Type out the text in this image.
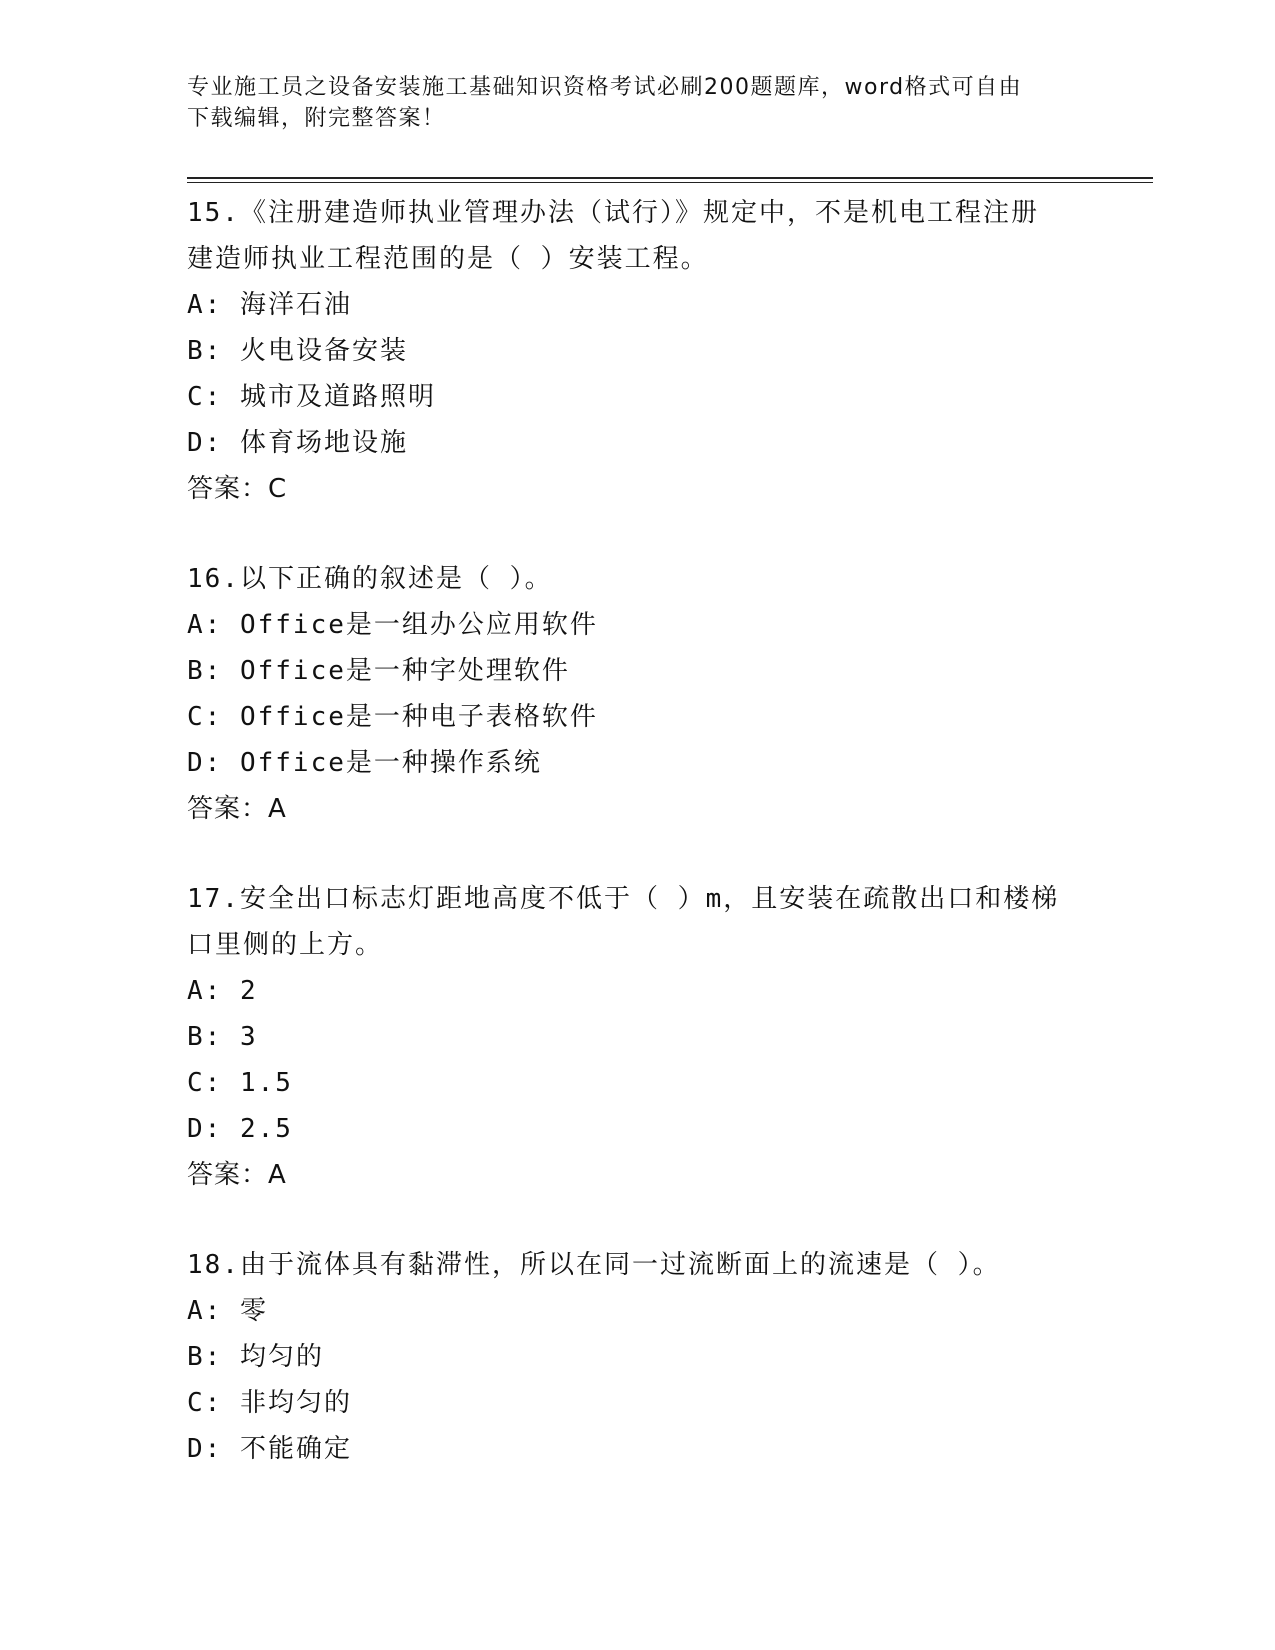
专业施工员之设备安装施工基础知识资格考试必刷200题题库，word格式可自由
下载编辑，附完整答案！
15.《注册建造师执业管理办法（试行）》规定中，不是机电工程注册
建造师执业工程范围的是（ ）安装工程。
A: 海洋石油
B: 火电设备安装
C: 城市及道路照明
D: 体育场地设施
答案：C
16.以下正确的叙述是（ ）。
A: Office是一组办公应用软件
B: Office是一种字处理软件
C: Office是一种电子表格软件
D: Office是一种操作系统
答案：A
17.安全出口标志灯距地高度不低于（ ）m，且安装在疏散出口和楼梯
口里侧的上方。
A: 2
B: 3
C: 1.5
D: 2.5
答案：A
18.由于流体具有黏滞性，所以在同一过流断面上的流速是（ ）。
A: 零
B: 均匀的
C: 非均匀的
D: 不能确定
